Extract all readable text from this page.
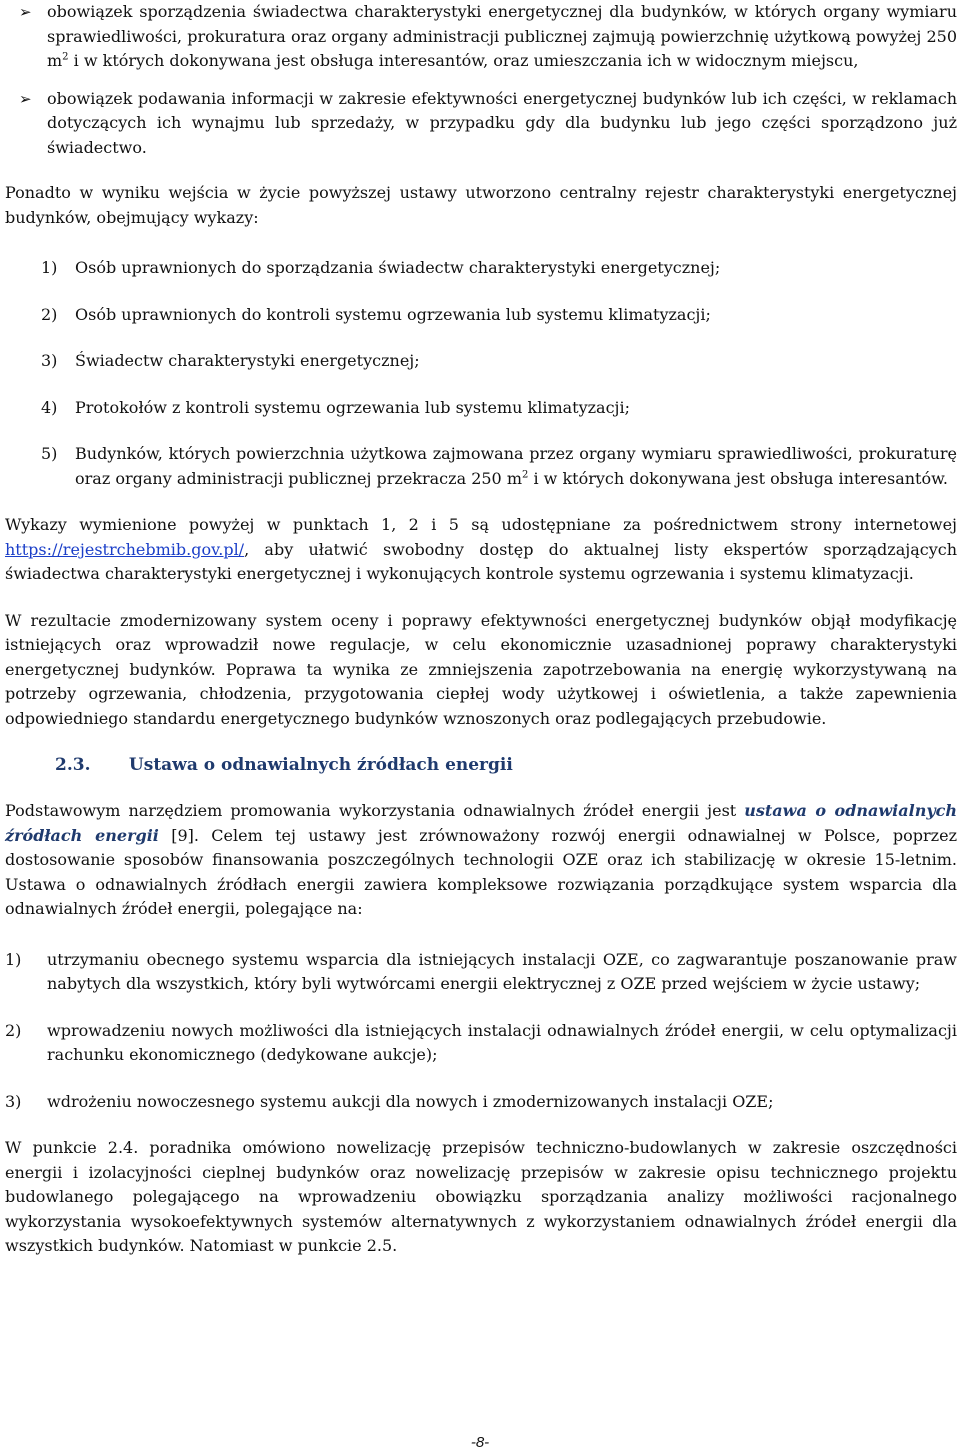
➢ obowiązek sporządzenia świadectwa charakterystyki energetycznej dla budynków, w których organy wymiaru sprawiedliwości, prokuratura oraz organy administracji publicznej zajmują powierzchnię użytkową powyżej 250 $m^2$ i w których dokonywana jest obsługa interesantów, oraz umieszczania ich w widocznym miejscu,
➢ obowiązek podawania informacji w zakresie efektywności energetycznej budynków lub ich części, w reklamach dotyczących ich wynajmu lub sprzedaży, w przypadku gdy dla budynku lub jego części sporządzono już świadectwo.

Ponadto w wyniku wejścia w życie powyższej ustawy utworzono centralny rejestr charakterystyki energetycznej budynków, obejmujący wykazy:

1) Osób uprawnionych do sporządzania świadectw charakterystyki energetycznej;
2) Osób uprawnionych do kontroli systemu ogrzewania lub systemu klimatyzacji;
3) Świadectw charakterystyki energetycznej;
4) Protokołów z kontroli systemu ogrzewania lub systemu klimatyzacji;
5) Budynków, których powierzchnia użytkowa zajmowana przez organy wymiaru sprawiedliwości, prokuraturę oraz organy administracji publicznej przekracza 250 $m^2$ i w których dokonywana jest obsługa interesantów.

Wykazy wymienione powyżej w punktach 1, 2 i 5 są udostępniane za pośrednictwem strony internetowej https://rejestrchebmib.gov.pl/, aby ułatwić swobodny dostęp do aktualnej listy ekspertów sporządzających świadectwa charakterystyki energetycznej i wykonujących kontrole systemu ogrzewania i systemu klimatyzacji.

W rezultacie zmodernizowany system oceny i poprawy efektywności energetycznej budynków objął modyfikację istniejących oraz wprowadził nowe regulacje, w celu ekonomicznie uzasadnionej poprawy charakterystyki energetycznej budynków. Poprawa ta wynika ze zmniejszenia zapotrzebowania na energię wykorzystywaną na potrzeby ogrzewania, chłodzenia, przygotowania ciepłej wody użytkowej i oświetlenia, a także zapewnienia odpowiedniego standardu energetycznego budynków wznoszonych oraz podlegających przebudowie.

2.3. Ustawa o odnawialnych źródłach energii

Podstawowym narzędziem promowania wykorzystania odnawialnych źródeł energii jest ustawa o odnawialnych źródłach energii [9]. Celem tej ustawy jest zrównoważony rozwój energii odnawialnej w Polsce, poprzez dostosowanie sposobów finansowania poszczególnych technologii OZE oraz ich stabilizację w okresie 15-letnim. Ustawa o odnawialnych źródłach energii zawiera kompleksowe rozwiązania porządkujące system wsparcia dla odnawialnych źródeł energii, polegające na:

1) utrzymaniu obecnego systemu wsparcia dla istniejących instalacji OZE, co zagwarantuje poszanowanie praw nabytych dla wszystkich, który byli wytwórcami energii elektrycznej z OZE przed wejściem w życie ustawy;
2) wprowadzeniu nowych możliwości dla istniejących instalacji odnawialnych źródeł energii, w celu optymalizacji rachunku ekonomicznego (dedykowane aukcje);
3) wdrożeniu nowoczesnego systemu aukcji dla nowych i zmodernizowanych instalacji OZE;

W punkcie 2.4. poradnika omówiono nowelizację przepisów techniczno-budowlanych w zakresie oszczędności energii i izolacyjności cieplnej budynków oraz nowelizację przepisów w zakresie opisu technicznego projektu budowlanego polegającego na wprowadzeniu obowiązku sporządzania analizy możliwości racjonalnego wykorzystania wysokoefektywnych systemów alternatywnych z wykorzystaniem odnawialnych źródeł energii dla wszystkich budynków. Natomiast w punkcie 2.5.

-8-
